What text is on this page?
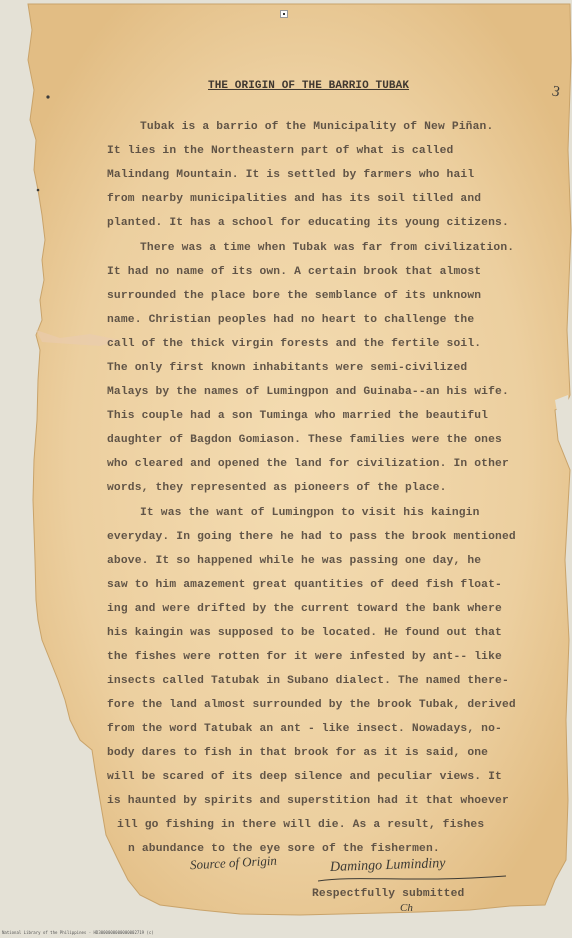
THE ORIGIN OF THE BARRIO TUBAK	3
Tubak is a barrio of the Municipality of New Piñan.
It lies in the Northeastern part of what is called
Malindang Mountain. It is settled by farmers who hail
from nearby municipalities and has its soil tilled and
planted. It has a school for educating its young citizens.
There was a time when Tubak was far from civilization.
It had no name of its own. A certain brook that almost
surrounded the place bore the semblance of its unknown
name. Christian peoples had no heart to challenge the
call of the thick virgin forests and the fertile soil.
The only first known inhabitants were semi-civilized
Malays by the names of Lumingpon and Guinaba--an his wife.
This couple had a son Tuminga who married the beautiful
daughter of Bagdon Gomiason. These families were the ones
who cleared and opened the land for civilization. In other
words, they represented as pioneers of the place.
It was the want of Lumingpon to visit his kaingin
everyday. In going there he had to pass the brook mentioned
above. It so happened while he was passing one day, he
saw to him amazement great quantities of deed fish float-
ing and were drifted by the current toward the bank where
his kaingin was supposed to be located. He found out that
the fishes were rotten for it were infested by ant-- like
insects called Tatubak in Subano dialect. The named there-
fore the land almost surrounded by the brook Tubak, derived
from the word Tatubak an ant - like insect. Nowadays, no-
body dares to fish in that brook for as it is said, one
will be scared of its deep silence and peculiar views. It
is haunted by spirits and superstition had it that whoever
ill go fishing in there will die. As a result, fishes
n abundance to the eye sore of the fishermen.
Source of Origin	Damingo Lumindiny
Respectfully submitted
Ch
National Library of the Philippines · HD3000000000000002719 (c)
